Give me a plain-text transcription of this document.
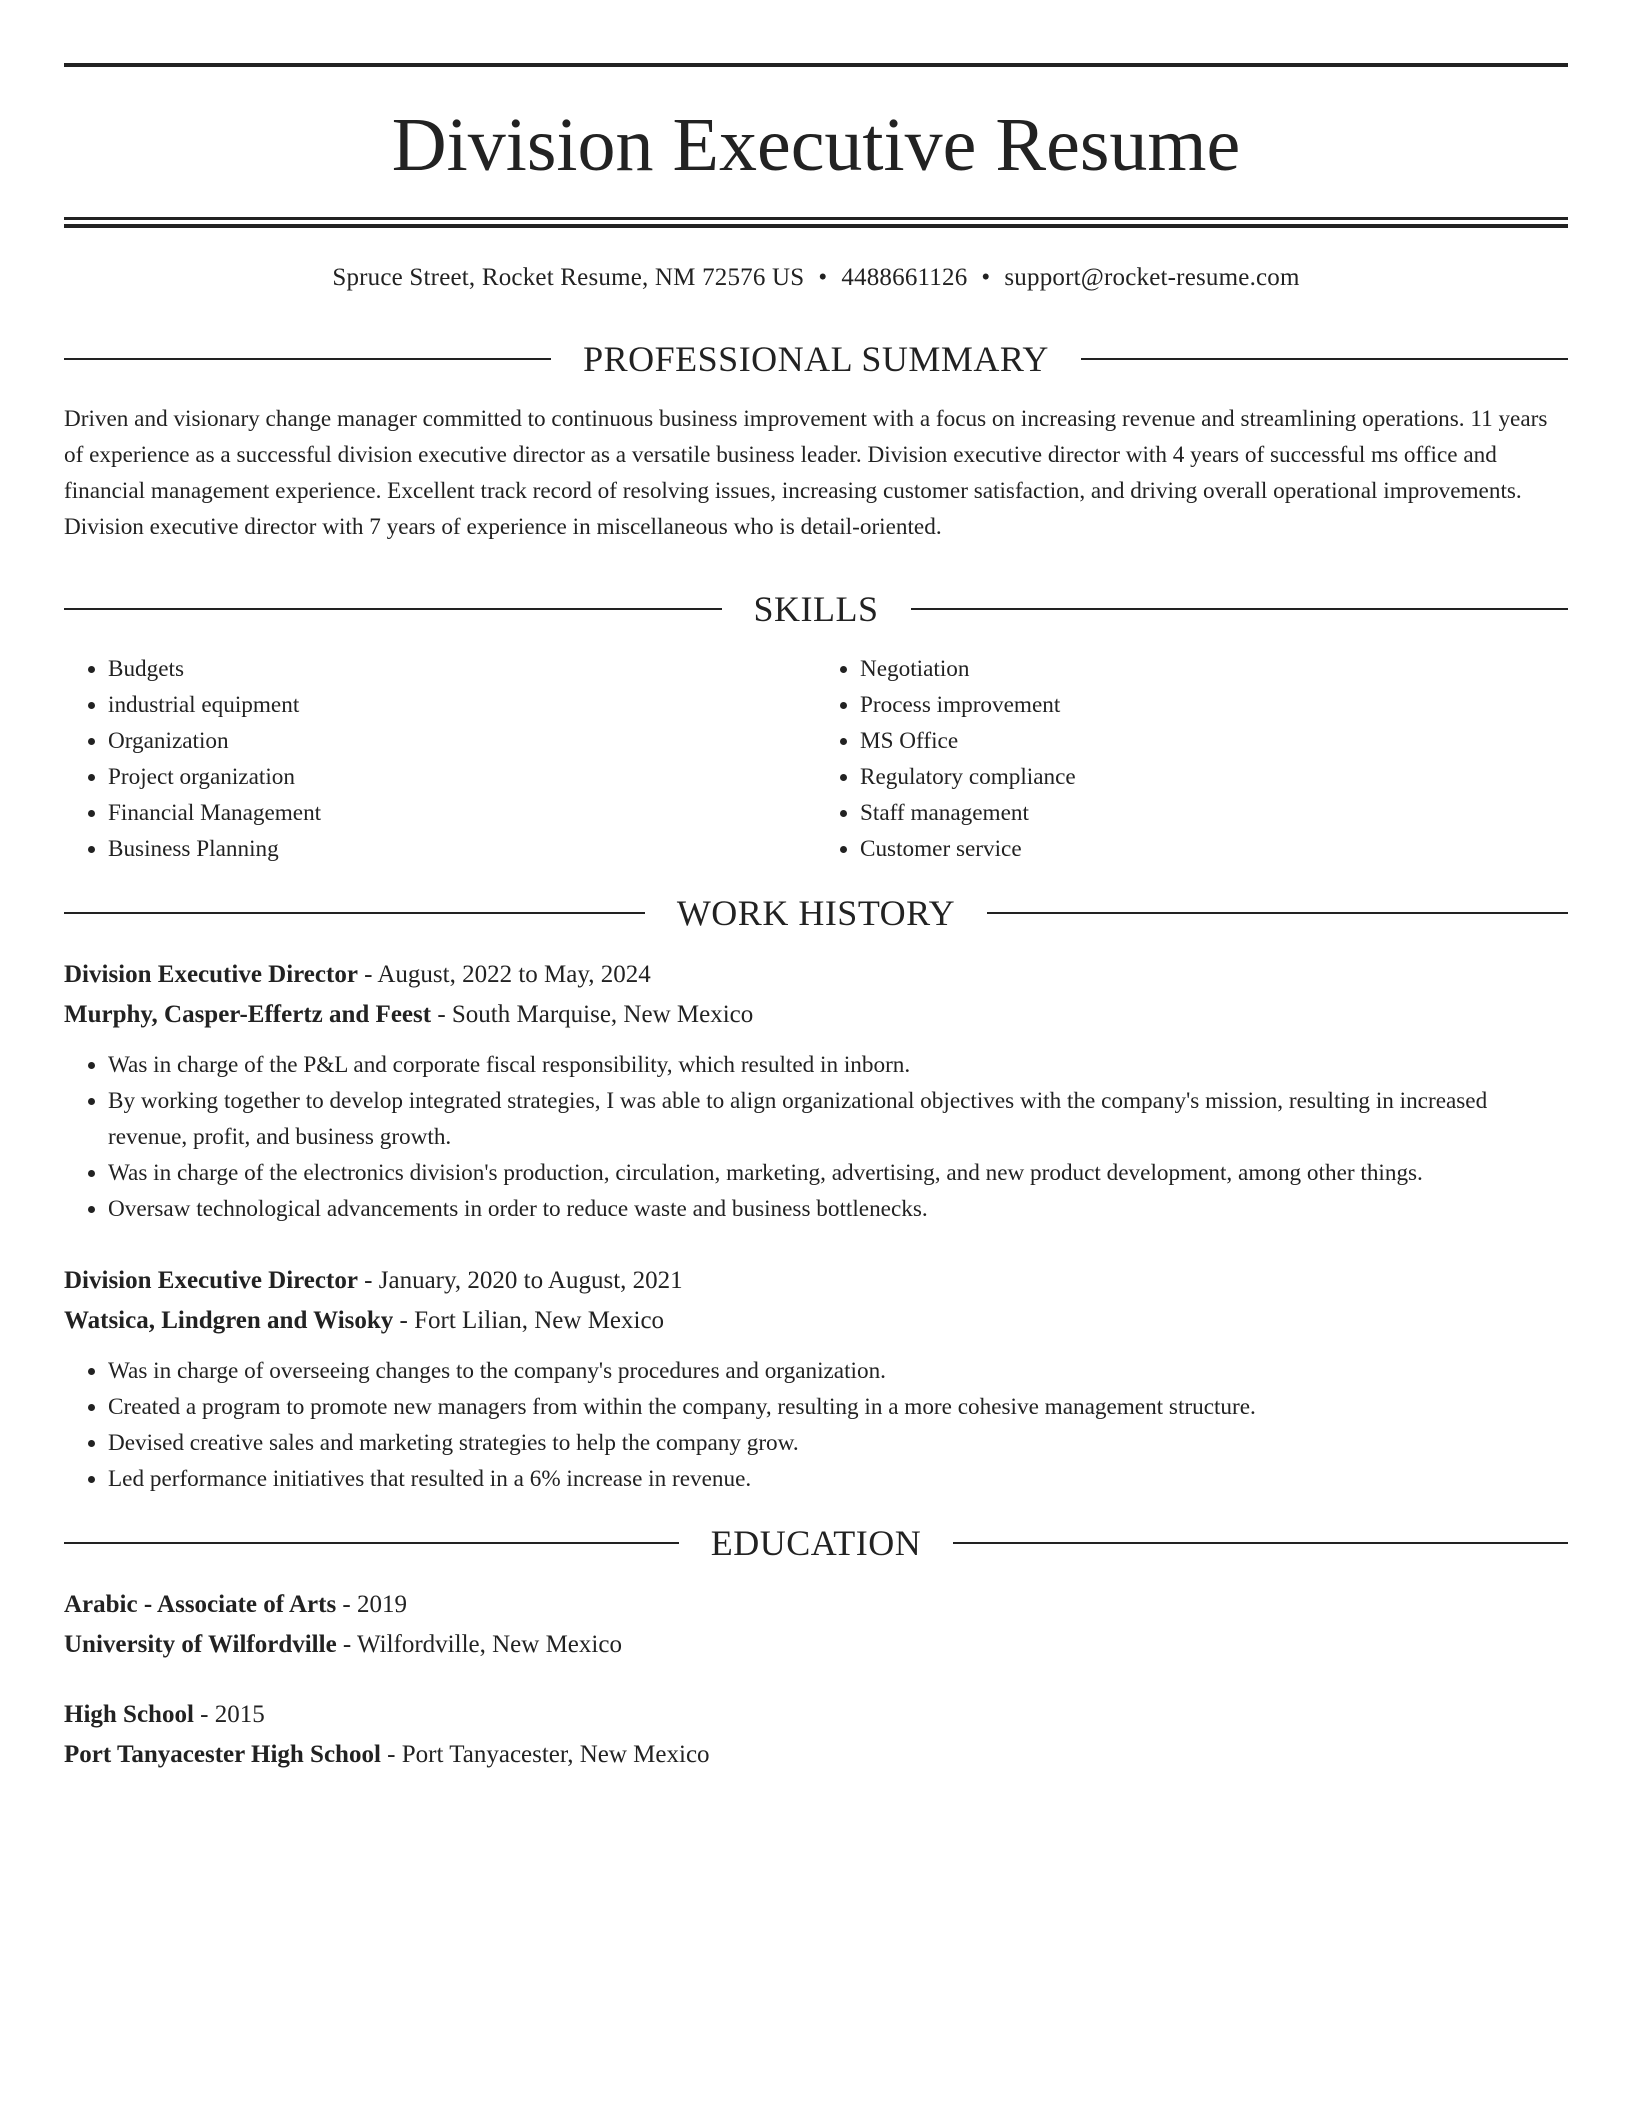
Division Executive Resume
Spruce Street, Rocket Resume, NM 72576 US • 4488661126 • support@rocket-resume.com
PROFESSIONAL SUMMARY

Driven and visionary change manager committed to continuous business improvement with a focus on increasing revenue and streamlining operations. 11 years of experience as a successful division executive director as a versatile business leader. Division executive director with 4 years of successful ms office and financial management experience. Excellent track record of resolving issues, increasing customer satisfaction, and driving overall operational improvements. Division executive director with 7 years of experience in miscellaneous who is detail-oriented.

SKILLS
• Budgets
• industrial equipment
• Organization
• Project organization
• Financial Management
• Business Planning
• Negotiation
• Process improvement
• MS Office
• Regulatory compliance
• Staff management
• Customer service
WORK HISTORY
Division Executive Director - August, 2022 to May, 2024
Murphy, Casper-Effertz and Feest - South Marquise, New Mexico
• Was in charge of the P&L and corporate fiscal responsibility, which resulted in inborn.
• By working together to develop integrated strategies, I was able to align organizational objectives with the company's mission, resulting in increased revenue, profit, and business growth.
• Was in charge of the electronics division's production, circulation, marketing, advertising, and new product development, among other things.
• Oversaw technological advancements in order to reduce waste and business bottlenecks.
Division Executive Director - January, 2020 to August, 2021
Watsica, Lindgren and Wisoky - Fort Lilian, New Mexico
• Was in charge of overseeing changes to the company's procedures and organization.
• Created a program to promote new managers from within the company, resulting in a more cohesive management structure.
• Devised creative sales and marketing strategies to help the company grow.
• Led performance initiatives that resulted in a 6% increase in revenue.
EDUCATION
Arabic - Associate of Arts - 2019
University of Wilfordville - Wilfordville, New Mexico
High School - 2015
Port Tanyacester High School - Port Tanyacester, New Mexico
